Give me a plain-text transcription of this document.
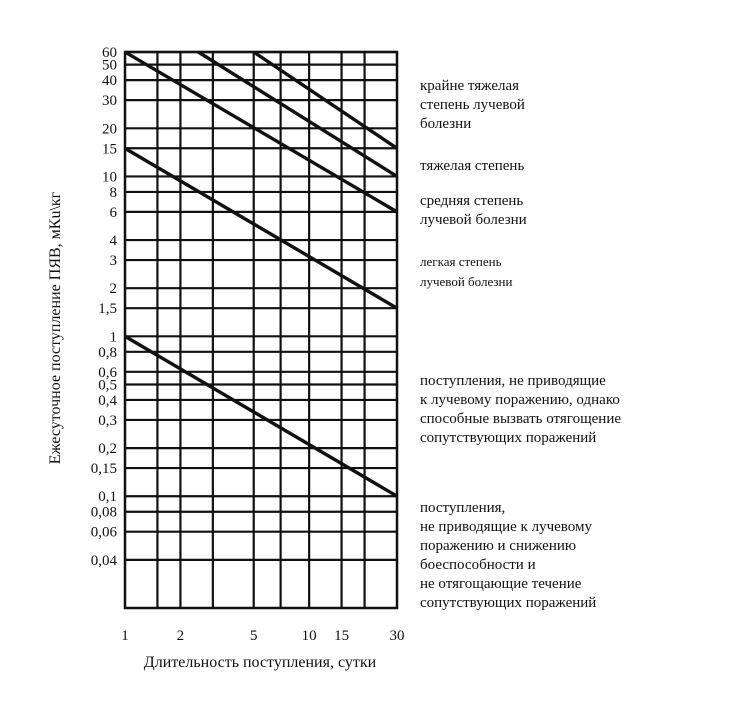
60
50
40
30
20
15
10
8
6
4
3
2
1,5
1
0,8
0,6
0,5
0,4
0,3
0,2
0,15
0,1
0,08
0,06
0,04
1	2	5	10 15	30
Длительность поступления, сутки
Ежесуточное поступление ПЯВ, мКu\кг
крайне тяжелая
степень лучевой
болезни
тяжелая степень
средняя степень
лучевой болезни
легкая степень
лучевой болезни
поступления, не приводящие
к лучевому поражению, однако
способные вызвать отягощение
сопутствующих поражений
поступления,
не приводящие к лучевому
поражению и снижению
боеспособности и
не отягощающие течение
сопутствующих поражений
